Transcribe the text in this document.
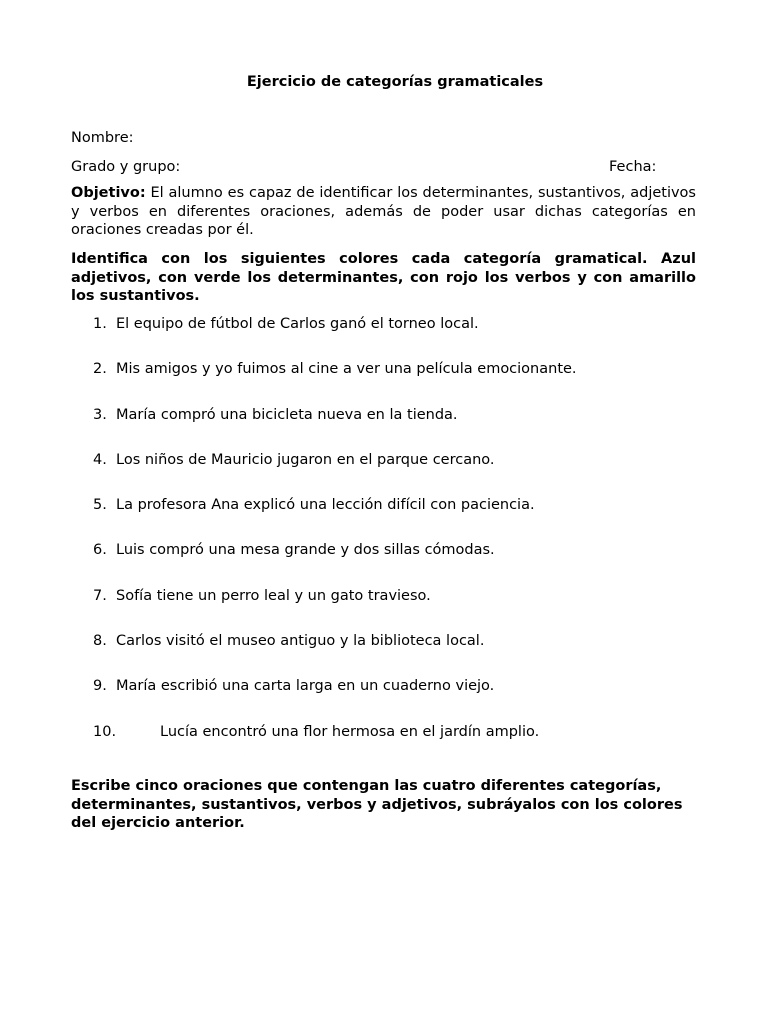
Ejercicio de categorías gramaticales
Nombre:
Grado y grupo:	Fecha:
Objetivo: El alumno es capaz de identificar los determinantes, sustantivos, adjetivos y verbos en diferentes oraciones, además de poder usar dichas categorías en oraciones creadas por él.
Identifica con los siguientes colores cada categoría gramatical. Azul adjetivos, con verde los determinantes, con rojo los verbos y con amarillo los sustantivos.
1. El equipo de fútbol de Carlos ganó el torneo local.
2. Mis amigos y yo fuimos al cine a ver una película emocionante.
3. María compró una bicicleta nueva en la tienda.
4. Los niños de Mauricio jugaron en el parque cercano.
5. La profesora Ana explicó una lección difícil con paciencia.
6. Luis compró una mesa grande y dos sillas cómodas.
7. Sofía tiene un perro leal y un gato travieso.
8. Carlos visitó el museo antiguo y la biblioteca local.
9. María escribió una carta larga en un cuaderno viejo.
10.	Lucía encontró una flor hermosa en el jardín amplio.
Escribe cinco oraciones que contengan las cuatro diferentes categorías, determinantes, sustantivos, verbos y adjetivos, subráyalos con los colores del ejercicio anterior.
